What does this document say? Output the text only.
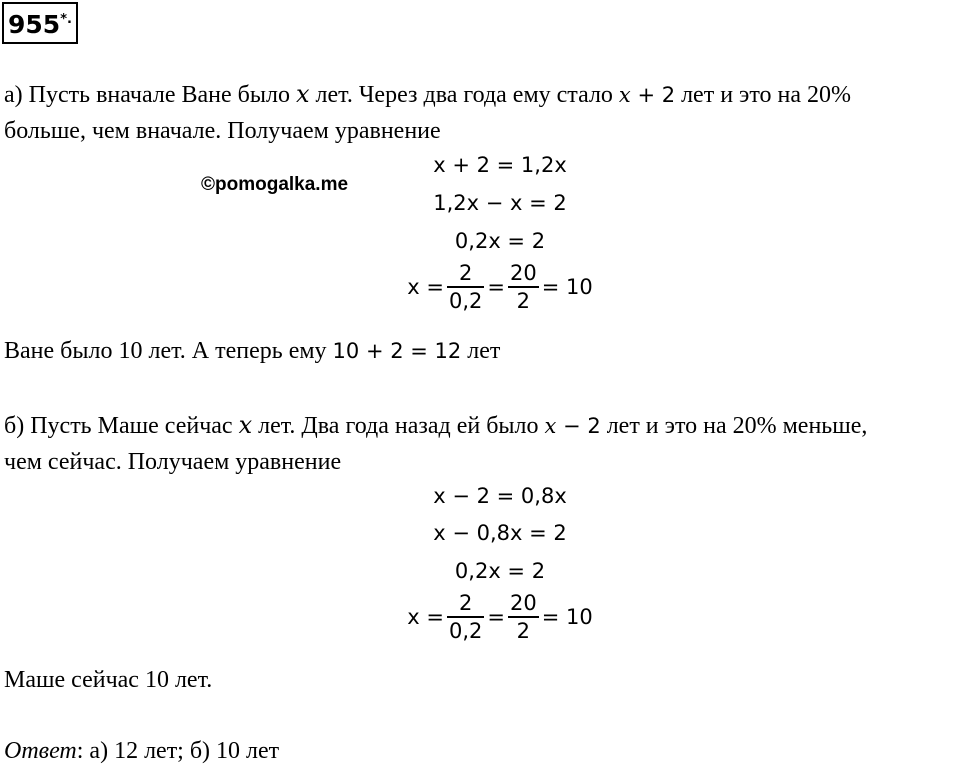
955*.
а) Пусть вначале Ване было x лет. Через два года ему стало x + 2 лет и это на 20%
больше, чем вначале. Получаем уравнение
©pomogalka.me
x + 2 = 1,2x
1,2x − x = 2
0,2x = 2
$x = \frac{2}{0,2} = \frac{20}{2} = 10$
Ване было 10 лет. А теперь ему 10 + 2 = 12 лет
б) Пусть Маше сейчас x лет. Два года назад ей было x − 2 лет и это на 20% меньше,
чем сейчас. Получаем уравнение
x − 2 = 0,8x
x − 0,8x = 2
0,2x = 2
$x = \frac{2}{0,2} = \frac{20}{2} = 10$
Маше сейчас 10 лет.
Ответ: а) 12 лет; б) 10 лет
